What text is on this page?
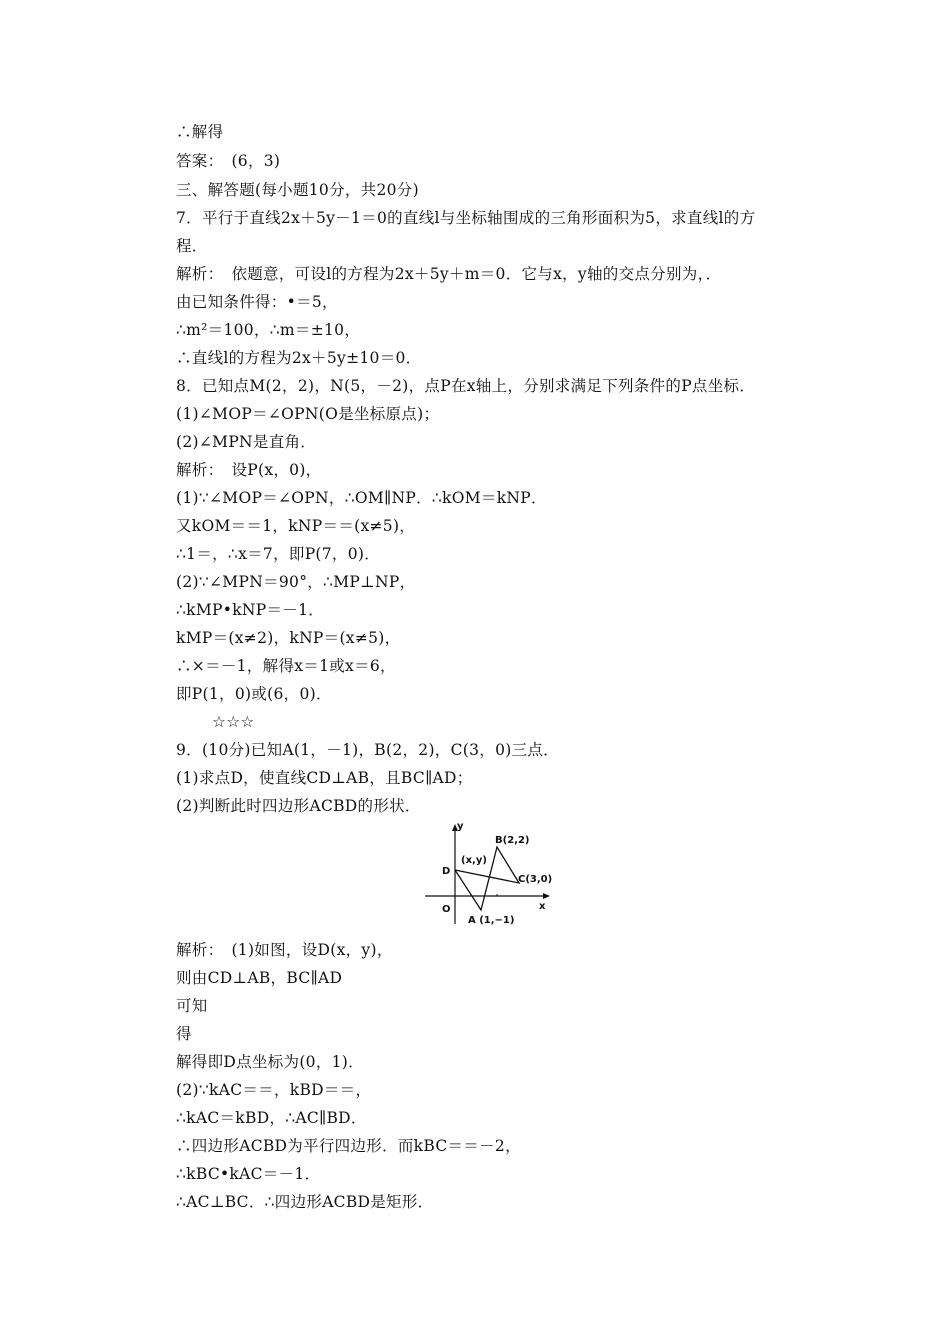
∴解得
答案：　(6，3)
三、解答题(每小题10分，共20分)
7．平行于直线2x＋5y－1＝0的直线l与坐标轴围成的三角形面积为5，求直线l的方
程．
解析：　依题意，可设l的方程为2x＋5y＋m＝0．它与x，y轴的交点分别为，．
由已知条件得：•＝5，
∴m²＝100，∴m＝±10，
∴直线l的方程为2x＋5y±10＝0．
8．已知点M(2，2)，N(5，－2)，点P在x轴上，分别求满足下列条件的P点坐标．
(1)∠MOP＝∠OPN(O是坐标原点)；
(2)∠MPN是直角．
解析：　设P(x，0)，
(1)∵∠MOP＝∠OPN，∴OM∥NP．∴kOM＝kNP．
又kOM＝＝1，kNP＝＝(x≠5)，
∴1＝，∴x＝7，即P(7，0)．
(2)∵∠MPN＝90°，∴MP⊥NP，
∴kMP•kNP＝－1．
kMP＝(x≠2)，kNP＝(x≠5)，
∴×＝－1，解得x＝1或x＝6，
即P(1，0)或(6，0)．
☆☆☆
9．(10分)已知A(1，－1)，B(2，2)，C(3，0)三点．
(1)求点D，使直线CD⊥AB，且BC∥AD；
(2)判断此时四边形ACBD的形状．
y
x
O
D
(x,y)
B(2,2)
C(3,0)
A (1,−1)
解析：　(1)如图，设D(x，y)，
则由CD⊥AB，BC∥AD
可知
得
解得即D点坐标为(0，1)．
(2)∵kAC＝＝，kBD＝＝，
∴kAC＝kBD，∴AC∥BD．
∴四边形ACBD为平行四边形．而kBC＝＝－2，
∴kBC•kAC＝－1．
∴AC⊥BC．∴四边形ACBD是矩形．
